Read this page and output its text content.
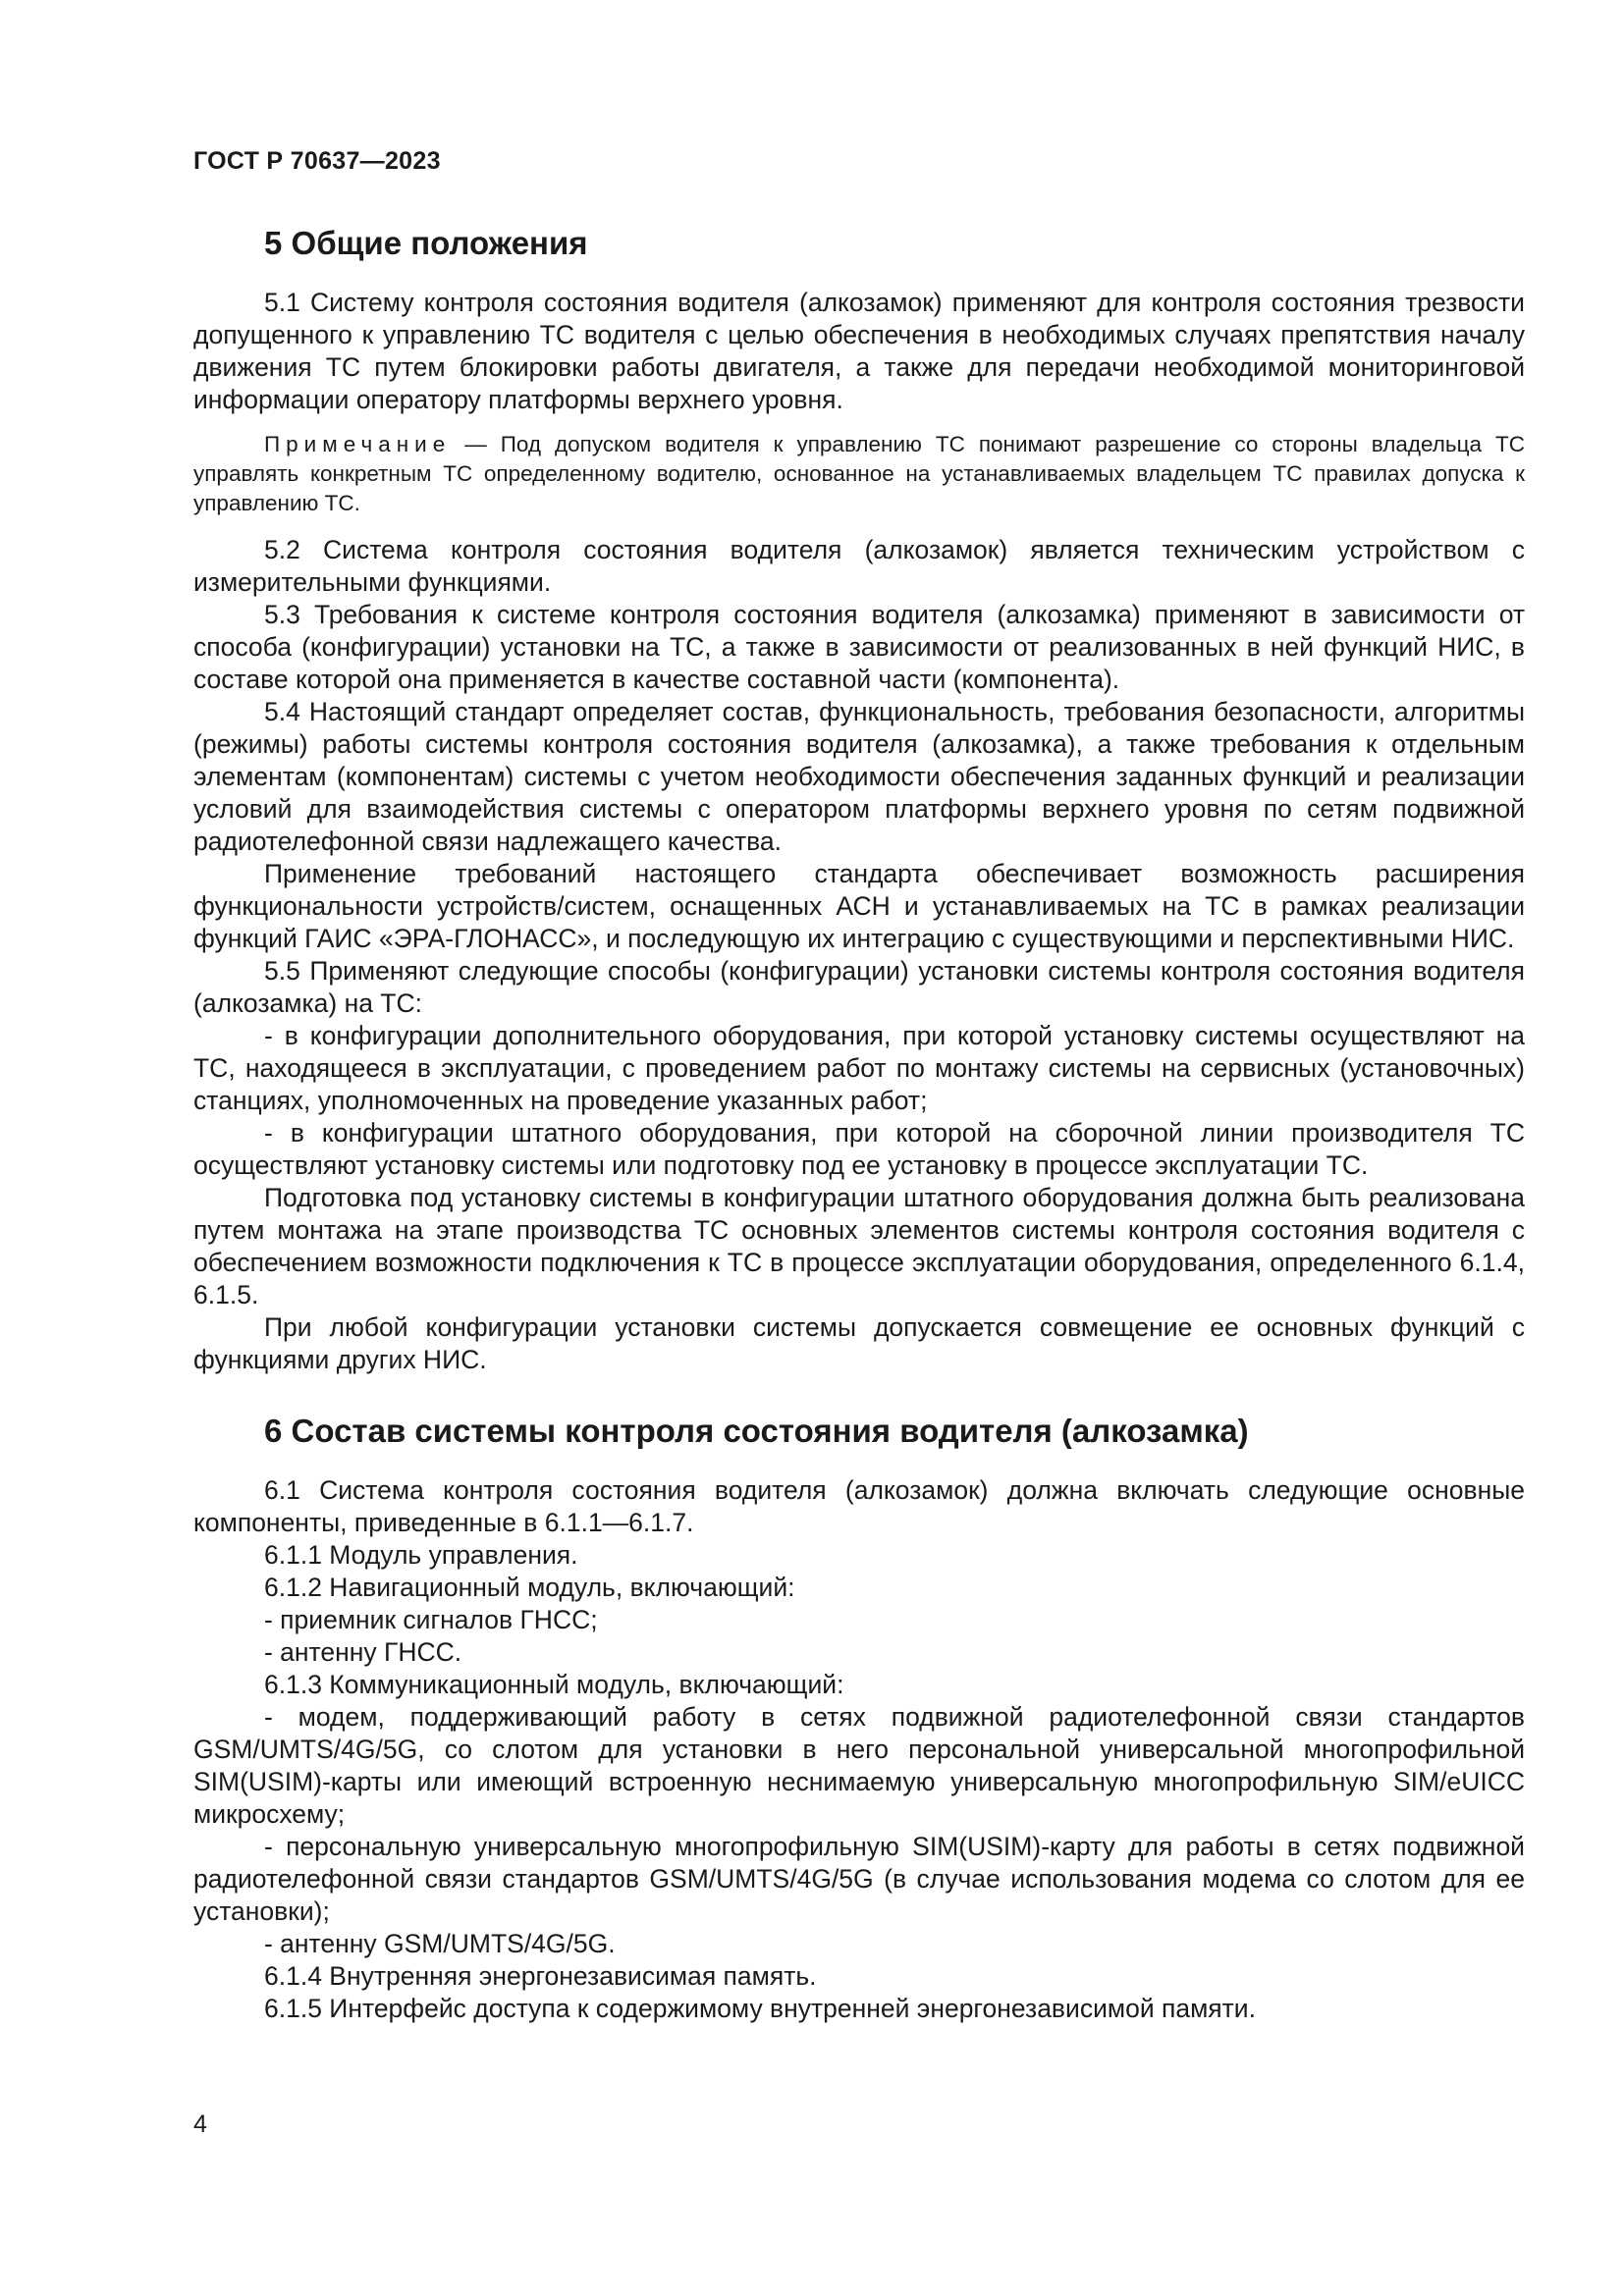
ГОСТ Р 70637—2023
5 Общие положения

5.1 Систему контроля состояния водителя (алкозамок) применяют для контроля состояния трезвости допущенного к управлению ТС водителя с целью обеспечения в необходимых случаях препятствия началу движения ТС путем блокировки работы двигателя, а также для передачи необходимой мониторинговой информации оператору платформы верхнего уровня.

Примечание — Под допуском водителя к управлению ТС понимают разрешение со стороны владельца ТС управлять конкретным ТС определенному водителю, основанное на устанавливаемых владельцем ТС правилах допуска к управлению ТС.

5.2 Система контроля состояния водителя (алкозамок) является техническим устройством с измерительными функциями.

5.3 Требования к системе контроля состояния водителя (алкозамка) применяют в зависимости от способа (конфигурации) установки на ТС, а также в зависимости от реализованных в ней функций НИС, в составе которой она применяется в качестве составной части (компонента).

5.4 Настоящий стандарт определяет состав, функциональность, требования безопасности, алгоритмы (режимы) работы системы контроля состояния водителя (алкозамка), а также требования к отдельным элементам (компонентам) системы с учетом необходимости обеспечения заданных функций и реализации условий для взаимодействия системы с оператором платформы верхнего уровня по сетям подвижной радиотелефонной связи надлежащего качества.

Применение требований настоящего стандарта обеспечивает возможность расширения функциональности устройств/систем, оснащенных АСН и устанавливаемых на ТС в рамках реализации функций ГАИС «ЭРА-ГЛОНАСС», и последующую их интеграцию с существующими и перспективными НИС.

5.5 Применяют следующие способы (конфигурации) установки системы контроля состояния водителя (алкозамка) на ТС:

- в конфигурации дополнительного оборудования, при которой установку системы осуществляют на ТС, находящееся в эксплуатации, с проведением работ по монтажу системы на сервисных (установочных) станциях, уполномоченных на проведение указанных работ;

- в конфигурации штатного оборудования, при которой на сборочной линии производителя ТС осуществляют установку системы или подготовку под ее установку в процессе эксплуатации ТС.

Подготовка под установку системы в конфигурации штатного оборудования должна быть реализована путем монтажа на этапе производства ТС основных элементов системы контроля состояния водителя с обеспечением возможности подключения к ТС в процессе эксплуатации оборудования, определенного 6.1.4, 6.1.5.

При любой конфигурации установки системы допускается совмещение ее основных функций с функциями других НИС.

6 Состав системы контроля состояния водителя (алкозамка)

6.1 Система контроля состояния водителя (алкозамок) должна включать следующие основные компоненты, приведенные в 6.1.1—6.1.7.

6.1.1 Модуль управления.

6.1.2 Навигационный модуль, включающий:

- приемник сигналов ГНСС;

- антенну ГНСС.

6.1.3 Коммуникационный модуль, включающий:

- модем, поддерживающий работу в сетях подвижной радиотелефонной связи стандартов GSM/UMTS/4G/5G, со слотом для установки в него персональной универсальной многопрофильной SIM(USIM)-карты или имеющий встроенную неснимаемую универсальную многопрофильную SIM/eUICC микросхему;

- персональную универсальную многопрофильную SIM(USIM)-карту для работы в сетях подвижной радиотелефонной связи стандартов GSM/UMTS/4G/5G (в случае использования модема со слотом для ее установки);

- антенну GSM/UMTS/4G/5G.

6.1.4 Внутренняя энергонезависимая память.

6.1.5 Интерфейс доступа к содержимому внутренней энергонезависимой памяти.

4
